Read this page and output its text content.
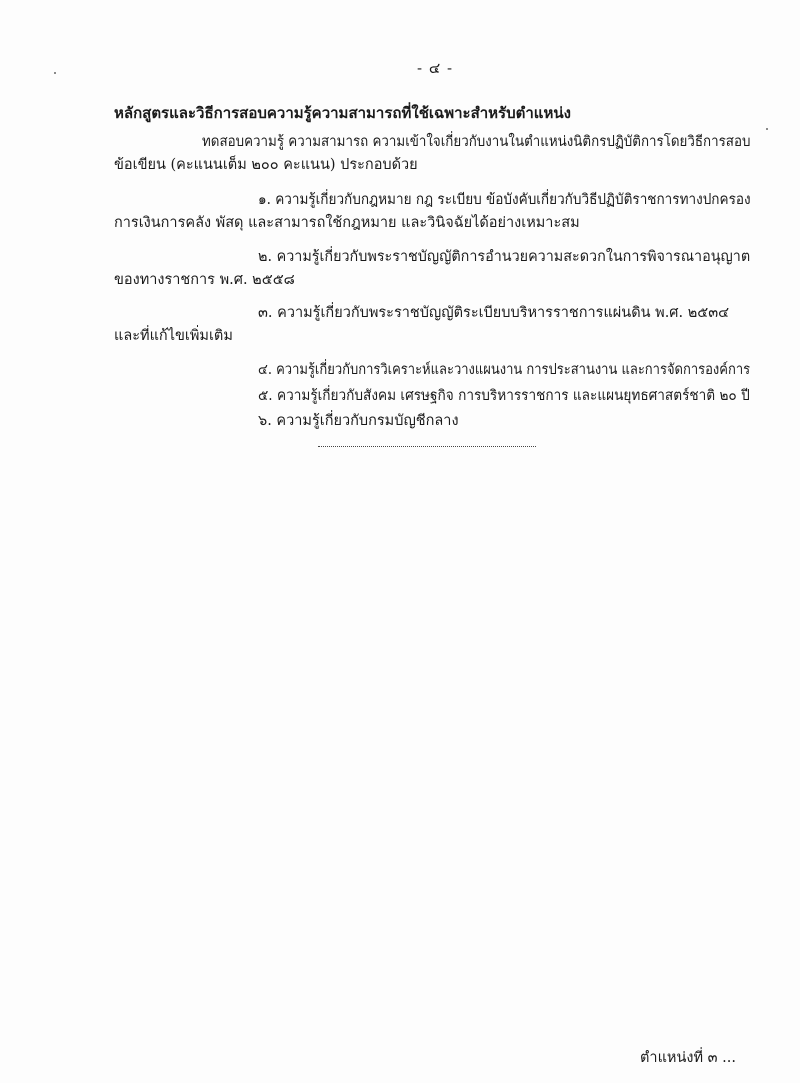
- ๔ -
หลักสูตรและวิธีการสอบความรู้ความสามารถที่ใช้เฉพาะสำหรับตำแหน่ง
ทดสอบความรู้ ความสามารถ ความเข้าใจเกี่ยวกับงานในตำแหน่งนิติกรปฏิบัติการโดยวิธีการสอบ
ข้อเขียน (คะแนนเต็ม ๒๐๐ คะแนน) ประกอบด้วย
๑. ความรู้เกี่ยวกับกฎหมาย กฎ ระเบียบ ข้อบังคับเกี่ยวกับวิธีปฏิบัติราชการทางปกครอง
การเงินการคลัง พัสดุ และสามารถใช้กฎหมาย และวินิจฉัยได้อย่างเหมาะสม
๒. ความรู้เกี่ยวกับพระราชบัญญัติการอำนวยความสะดวกในการพิจารณาอนุญาต
ของทางราชการ พ.ศ. ๒๕๕๘
๓. ความรู้เกี่ยวกับพระราชบัญญัติระเบียบบริหารราชการแผ่นดิน พ.ศ. ๒๕๓๔
และที่แก้ไขเพิ่มเติม
๔. ความรู้เกี่ยวกับการวิเคราะห์และวางแผนงาน การประสานงาน และการจัดการองค์การ
๕. ความรู้เกี่ยวกับสังคม เศรษฐกิจ การบริหารราชการ และแผนยุทธศาสตร์ชาติ ๒๐ ปี
๖. ความรู้เกี่ยวกับกรมบัญชีกลาง
ตำแหน่งที่ ๓ ...
